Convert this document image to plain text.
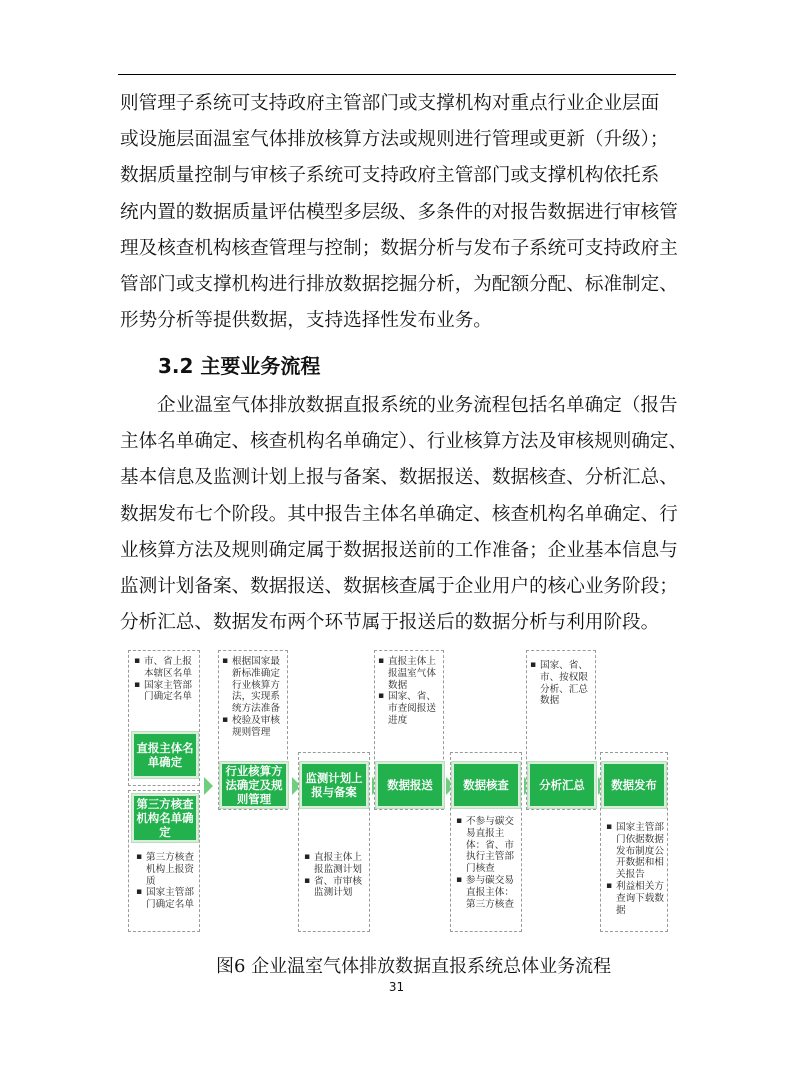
则管理子系统可支持政府主管部门或支撑机构对重点行业企业层面
或设施层面温室气体排放核算方法或规则进行管理或更新（升级）；
数据质量控制与审核子系统可支持政府主管部门或支撑机构依托系
统内置的数据质量评估模型多层级、多条件的对报告数据进行审核管
理及核查机构核查管理与控制；数据分析与发布子系统可支持政府主
管部门或支撑机构进行排放数据挖掘分析，为配额分配、标准制定、
形势分析等提供数据，支持选择性发布业务。
3.2 主要业务流程
企业温室气体排放数据直报系统的业务流程包括名单确定（报告
主体名单确定、核查机构名单确定）、行业核算方法及审核规则确定、
基本信息及监测计划上报与备案、数据报送、数据核查、分析汇总、
数据发布七个阶段。其中报告主体名单确定、核查机构名单确定、行
业核算方法及规则确定属于数据报送前的工作准备；企业基本信息与
监测计划备案、数据报送、数据核查属于企业用户的核心业务阶段；
分析汇总、数据发布两个环节属于报送后的数据分析与利用阶段。
▪ 市、省上报本辖区名单
▪ 国家主管部门确定名单
直报主体名单确定
第三方核查机构名单确定
▪ 第三方核查机构上报资质
▪ 国家主管部门确定名单
▪ 根据国家最新标准确定行业核算方法，实现系统方法准备
▪ 校验及审核规则管理
行业核算方法确定及规则管理
监测计划上报与备案
▪ 直报主体上报监测计划
▪ 省、市审核监测计划
▪ 直报主体上报温室气体数据
▪ 国家、省、市查阅报送进度
数据报送	数据核查
▪ 不参与碳交易直报主体：省、市执行主管部门核查
▪ 参与碳交易直报主体：第三方核查
▪ 国家、省、市、按权限分析、汇总数据
分析汇总	数据发布
▪ 国家主管部门依据数据发布制度公开数据和相关报告
▪ 利益相关方查询下载数据

图6 企业温室气体排放数据直报系统总体业务流程

31
